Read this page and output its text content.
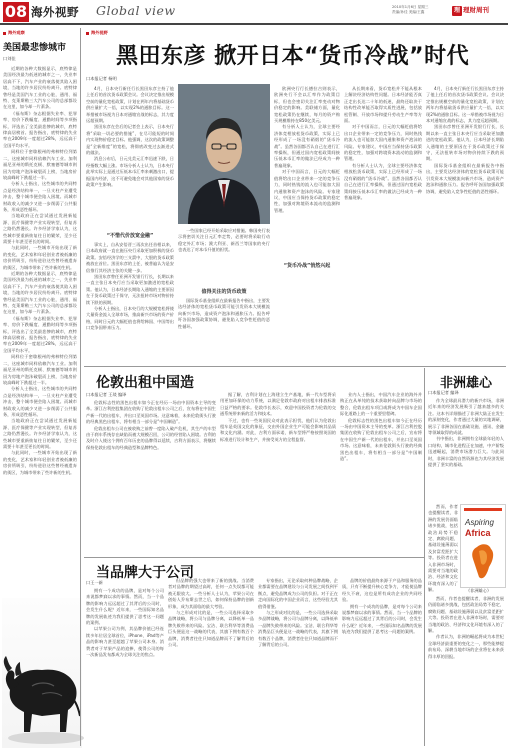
08 海外视野 Global view	2010年1月6日 星期三
责编/孙佳 美编/王鑫	理 理财周刊
海外观察
美国最悲惨城市
口刘佳

近期的各种大数据显示，底特律是美国经济最为低迷的城市之一，失业率居高不下，汽车产业的衰落使其陷入困境，当地的许多居民纷纷离开。底特律曾经是美国汽车工业的心脏，通用、福特、克莱斯勒三大汽车公司的总部都设在这里，如今却一片萧条。

《福布斯》杂志根据失业率、犯罪率、房价下跌幅度、通勤时间等多项指标，评选出了全美最悲惨的城市，底特律高居榜首。报告指出，底特律的失业率在2009年一度超过28%，远远高于全国平均水平。

同样位于密歇根州的弗林特位列第二，这座城市同样依赖汽车工业。加利福尼亚州的斯托克顿、默塞德等城市则因为房地产泡沫破裂而上榜，当地房价较高峰时下跌超过一半。

分析人士指出，这些城市的共同特点是经济结构单一，一旦支柱产业遭受冲击，整个城市便会陷入困境。而城市财政收入的减少又进一步削弱了公共服务，形成恶性循环。

当地政府正在尝试通过发展新能源、医疗保健等产业实现转型，但复苏之路仍然漫长。许多经济学家认为，这些城市要重新恢复往日的繁荣，至少还需要十年甚至更长的时间。

与此同时，一些城市开始出现了新的变化，艺术家和年轻创业者被低廉的房价所吸引，纷纷进驻这些曾经被遗弃的街区，为城市带来了些许新的生机。

近期的各种大数据显示，底特律是美国经济最为低迷的城市之一，失业率居高不下，汽车产业的衰落使其陷入困境，当地的许多居民纷纷离开。底特律曾经是美国汽车工业的心脏，通用、福特、克莱斯勒三大汽车公司的总部都设在这里，如今却一片萧条。

《福布斯》杂志根据失业率、犯罪率、房价下跌幅度、通勤时间等多项指标，评选出了全美最悲惨的城市，底特律高居榜首。报告指出，底特律的失业率在2009年一度超过28%，远远高于全国平均水平。

同样位于密歇根州的弗林特位列第二，这座城市同样依赖汽车工业。加利福尼亚州的斯托克顿、默塞德等城市则因为房地产泡沫破裂而上榜，当地房价较高峰时下跌超过一半。

分析人士指出，这些城市的共同特点是经济结构单一，一旦支柱产业遭受冲击，整个城市便会陷入困境。而城市财政收入的减少又进一步削弱了公共服务，形成恶性循环。

当地政府正在尝试通过发展新能源、医疗保健等产业实现转型，但复苏之路仍然漫长。许多经济学家认为，这些城市要重新恢复往日的繁荣，至少还需要十年甚至更长的时间。

与此同时，一些城市开始出现了新的变化，艺术家和年轻创业者被低廉的房价所吸引，纷纷进驻这些曾经被遗弃的街区，为城市带来了些许新的生机。

海外视野
黑田东彦 掀开日本“货币冷战”时代
口本报记者 杨明

4月，日本央行新任行长黑田东彦主持了他上任后的首次货币政策会议。会议决定推出规模空前的量化宽松政策，计划在两年内将基础货币供应量扩大一倍，以实现2%的通胀目标。这一举措被市场视为日本对通缩宣战的标志，其力度远超预期。

黑田东彦在会后的记者会上表示，日本央行将“采取一切必要的措施”，在尽可能短的时间内实现物价稳定目标。他强调，这次的政策调整是“全新维度”的宽松，将彻底改变过去渐进式的做法。

消息公布后，日元兑美元汇率迅速下跌，日经指数大幅上涨。市场分析人士认为，日本央行此举实际上是通过压低本币汇率来刺激出口，提振国内经济，这不可避免地会对其他国家的货币政策产生影响。

“不惜代价放宽金融”

事实上，自从安倍晋三再次出任首相以来，日本政府就一直在施压央行采取更加积极的货币政策。安倍经济学的三支箭中，大胆的货币政策被放在首位。黑田东彦的上任，被普遍认为是安倍推行其经济主张的关键一步。

黑田东彦曾任亚洲开发银行行长，长期以来一直主张日本央行应当采取更加激进的宽松政策。他认为，日本经济长期陷入通缩的主要原因在于货币政策过于保守，无法扭转市场对物价持续下跌的预期。

分析人士指出，日本央行的大规模宽松将使大量资金流入全球市场，推高新兴市场的资产价格，同时日元的大幅贬值也将给韩国、中国等出口竞争国带来压力。

一些国家已经开始采取应对措施。韩国央行表示将密切关注日元汇率走势，必要时将采取行动稳定外汇市场；澳大利亚、新西兰等国家的央行也表达了对本币升值的担忧。

值得关注的货币政策

国际货币基金组织在最新报告中指出，主要发达经济体的宽松货币政策可能引发资本大规模流向新兴市场，造成资产泡沫和通胀压力。报告呼吁各国加强政策协调，避免陷入竞争性贬值的恶性循环。

欧洲央行行长德拉吉则表示，欧洲央行不会以汇率作为政策目标，但也会密切关注汇率变动对物价稳定的影响。美联储方面，量化宽松政策仍在继续，每月的资产购买规模维持在850亿美元。

有分析人士认为，全球主要经济体竞相放松货币政策，实际上已经形成了一场没有硝烟的“货币冷战”。虽然各国都否认自己在进行汇率操纵，但通过国内宽松政策间接压低本币汇率的做法已经成为一种普遍现象。

对于中国而言，日元的大幅贬值将给出口企业带来一定的竞争压力，同时热钱的流入也可能加大国内通胀和资产泡沫的风险。专家建议，中国应当保持货币政策的稳定性，加强对跨境资本流动的监测和管理。

“货币冷战”悄然兴起

从长期来看，货币宽松并不能从根本上解决经济结构性问题。日本经济能否真正走出长达二十年的低迷，最终还取决于结构性改革能否取得实质性进展，包括放松管制、开放市场和提升劳动生产率等方面。

对于中国而言，日元的大幅贬值将给出口企业带来一定的竞争压力，同时热钱的流入也可能加大国内通胀和资产泡沫的风险。专家建议，中国应当保持货币政策的稳定性，加强对跨境资本流动的监测和管理。

有分析人士认为，全球主要经济体竞相放松货币政策，实际上已经形成了一场没有硝烟的“货币冷战”。虽然各国都否认自己在进行汇率操纵，但通过国内宽松政策间接压低本币汇率的做法已经成为一种普遍现象。

4月，日本央行新任行长黑田东彦主持了他上任后的首次货币政策会议。会议决定推出规模空前的量化宽松政策，计划在两年内将基础货币供应量扩大一倍，以实现2%的通胀目标。这一举措被市场视为日本对通缩宣战的标志，其力度远超预期。

黑田东彦曾任亚洲开发银行行长，长期以来一直主张日本央行应当采取更加激进的宽松政策。他认为，日本经济长期陷入通缩的主要原因在于货币政策过于保守，无法扭转市场对物价持续下跌的预期。

国际货币基金组织在最新报告中指出，主要发达经济体的宽松货币政策可能引发资本大规模流向新兴市场，造成资产泡沫和通胀压力。报告呼吁各国加强政策协调，避免陷入竞争性贬值的恶性循环。

伦敦出租中国造
口本报记者 王琰 编译

伦敦标志性的黑色出租车如今正在经历一场由中国资本主导的变革。浙江吉利控股集团在收购了伦敦出租车公司之后，宣布将在中国生产新一代的出租车，并出口至英国市场。这意味着，未来伦敦街头行驶的经典黑色出租车，将有相当一部分是“中国制造”。

伦敦出租车公司在被收购之前曾一度陷入破产危机，其生产的车型由于刹车系统存在缺陷而被大规模召回，公司的经营陷入困境。吉利的及时介入使这个拥有百年历史的品牌得以延续，吉利方面表示，将继续保持伦敦出租车的经典造型和品牌特色。

据了解，吉利计划在上海建立生产基地，新一代车型将采用更加环保的动力系统，以满足伦敦市政府对出租车排放标准日益严格的要求。伦敦市长表示，欢迎中国投资者为伦敦的交通系统带来新的活力和技术。

不过，也有一些英国民众对此表示担忧，他们认为伦敦出租车是英国文化的象征，交由外国企业生产可能会影响其品质和文化内涵。对此，吉利方面承诺，新车型将严格按照英国的标准进行设计和生产，并接受英方的全程监督。

业内人士指出，中国汽车企业的海外并购正在从单纯的技术获取转向品牌与市场的整合，伦敦出租车项目或将成为中国车企国际化道路上的一个重要里程碑。

伦敦标志性的黑色出租车如今正在经历一场由中国资本主导的变革。浙江吉利控股集团在收购了伦敦出租车公司之后，宣布将在中国生产新一代的出租车，并出口至英国市场。这意味着，未来伦敦街头行驶的经典黑色出租车，将有相当一部分是“中国制造”。

当品牌大于公司
口王一新

拥有一个成功的品牌，是对每个公司来说都梦寐以求的事情。然而，当一个品牌的影响力远远超过了其背后的公司时，会发生什么呢？近年来，一些国际知名品牌的发展轨迹为我们提供了思考这一问题的案例。

以苹果公司为例，其品牌价值已经连续多年位居全球首位，iPhone、iPad等产品的影响力甚至超越了苹果公司本身。消费者对于苹果产品的追捧，使得公司的每一次新品发布都成为全球关注的焦点。

但品牌的强大也带来了新的挑战。当消费者对品牌的期望过高时，任何一点失误都可能被无限放大。一些分析人士认为，苹果公司在创始人乔布斯去世之后，如何保持品牌的创新形象，成为其面临的最大考验。

与之形成对比的是，一些公司选择采取多品牌战略，将公司与品牌分离，以降低单一品牌失败带来的风险。宝洁、联合利华等消费品巨头便是这一战略的代表，其旗下拥有数百个品牌，消费者往往只知道品牌而不了解背后的公司。

专家指出，无论采取何种品牌战略，企业都需要在品牌建设与公司发展之间找到平衡点，避免品牌成为公司的负担。对于正在走向国际化的中国企业而言，这些经验尤其值得借鉴。

与之形成对比的是，一些公司选择采取多品牌战略，将公司与品牌分离，以降低单一品牌失败带来的风险。宝洁、联合利华等消费品巨头便是这一战略的代表，其旗下拥有数百个品牌，消费者往往只知道品牌而不了解背后的公司。

品牌的价值最终来源于产品和服务的品质，只有不断提升核心竞争力，才能使品牌经久不衰，这也是所有成功企业的共同经验。

拥有一个成功的品牌，是对每个公司来说都梦寐以求的事情。然而，当一个品牌的影响力远远超过了其背后的公司时，会发生什么呢？近年来，一些国际知名品牌的发展轨迹为我们提供了思考这一问题的案例。

非洲雄心
口本报记者 编译

作为全球最具潜力的新兴市场，非洲近年来的经济发展吸引了越来越多的关注。这本书详细描述了非洲大陆正在发生的深刻变化，作者通过大量的实地调研，展示了非洲各国在基础设施、通讯、金融等领域取得的成就。

书中指出，非洲拥有全球最年轻的人口结构，城市化进程正在加速，中产阶级迅速崛起，消费市场潜力巨大。与此同时，非洲丰富的自然资源也为其经济发展提供了坚实的基础。

然而，作者也提醒读者，非洲的发展仍面临诸多挑战，包括政治局势不稳定、腐败问题、基础设施薄弱以及贫富差距扩大等。投资者在进入非洲市场时，需要对当地的政治、经济和文化环境有深入的了解。

Aspiring
Africa
《非洲雄心》

然而，作者也提醒读者，非洲的发展仍面临诸多挑战，包括政治局势不稳定、腐败问题、基础设施薄弱以及贫富差距扩大等。投资者在进入非洲市场时，需要对当地的政治、经济和文化环境有深入的了解。

作者认为，非洲的崛起将成为本世纪全球经济最重要的变化之一，那些能够提前布局、深耕当地市场的企业将在未来获得丰厚的回报。
